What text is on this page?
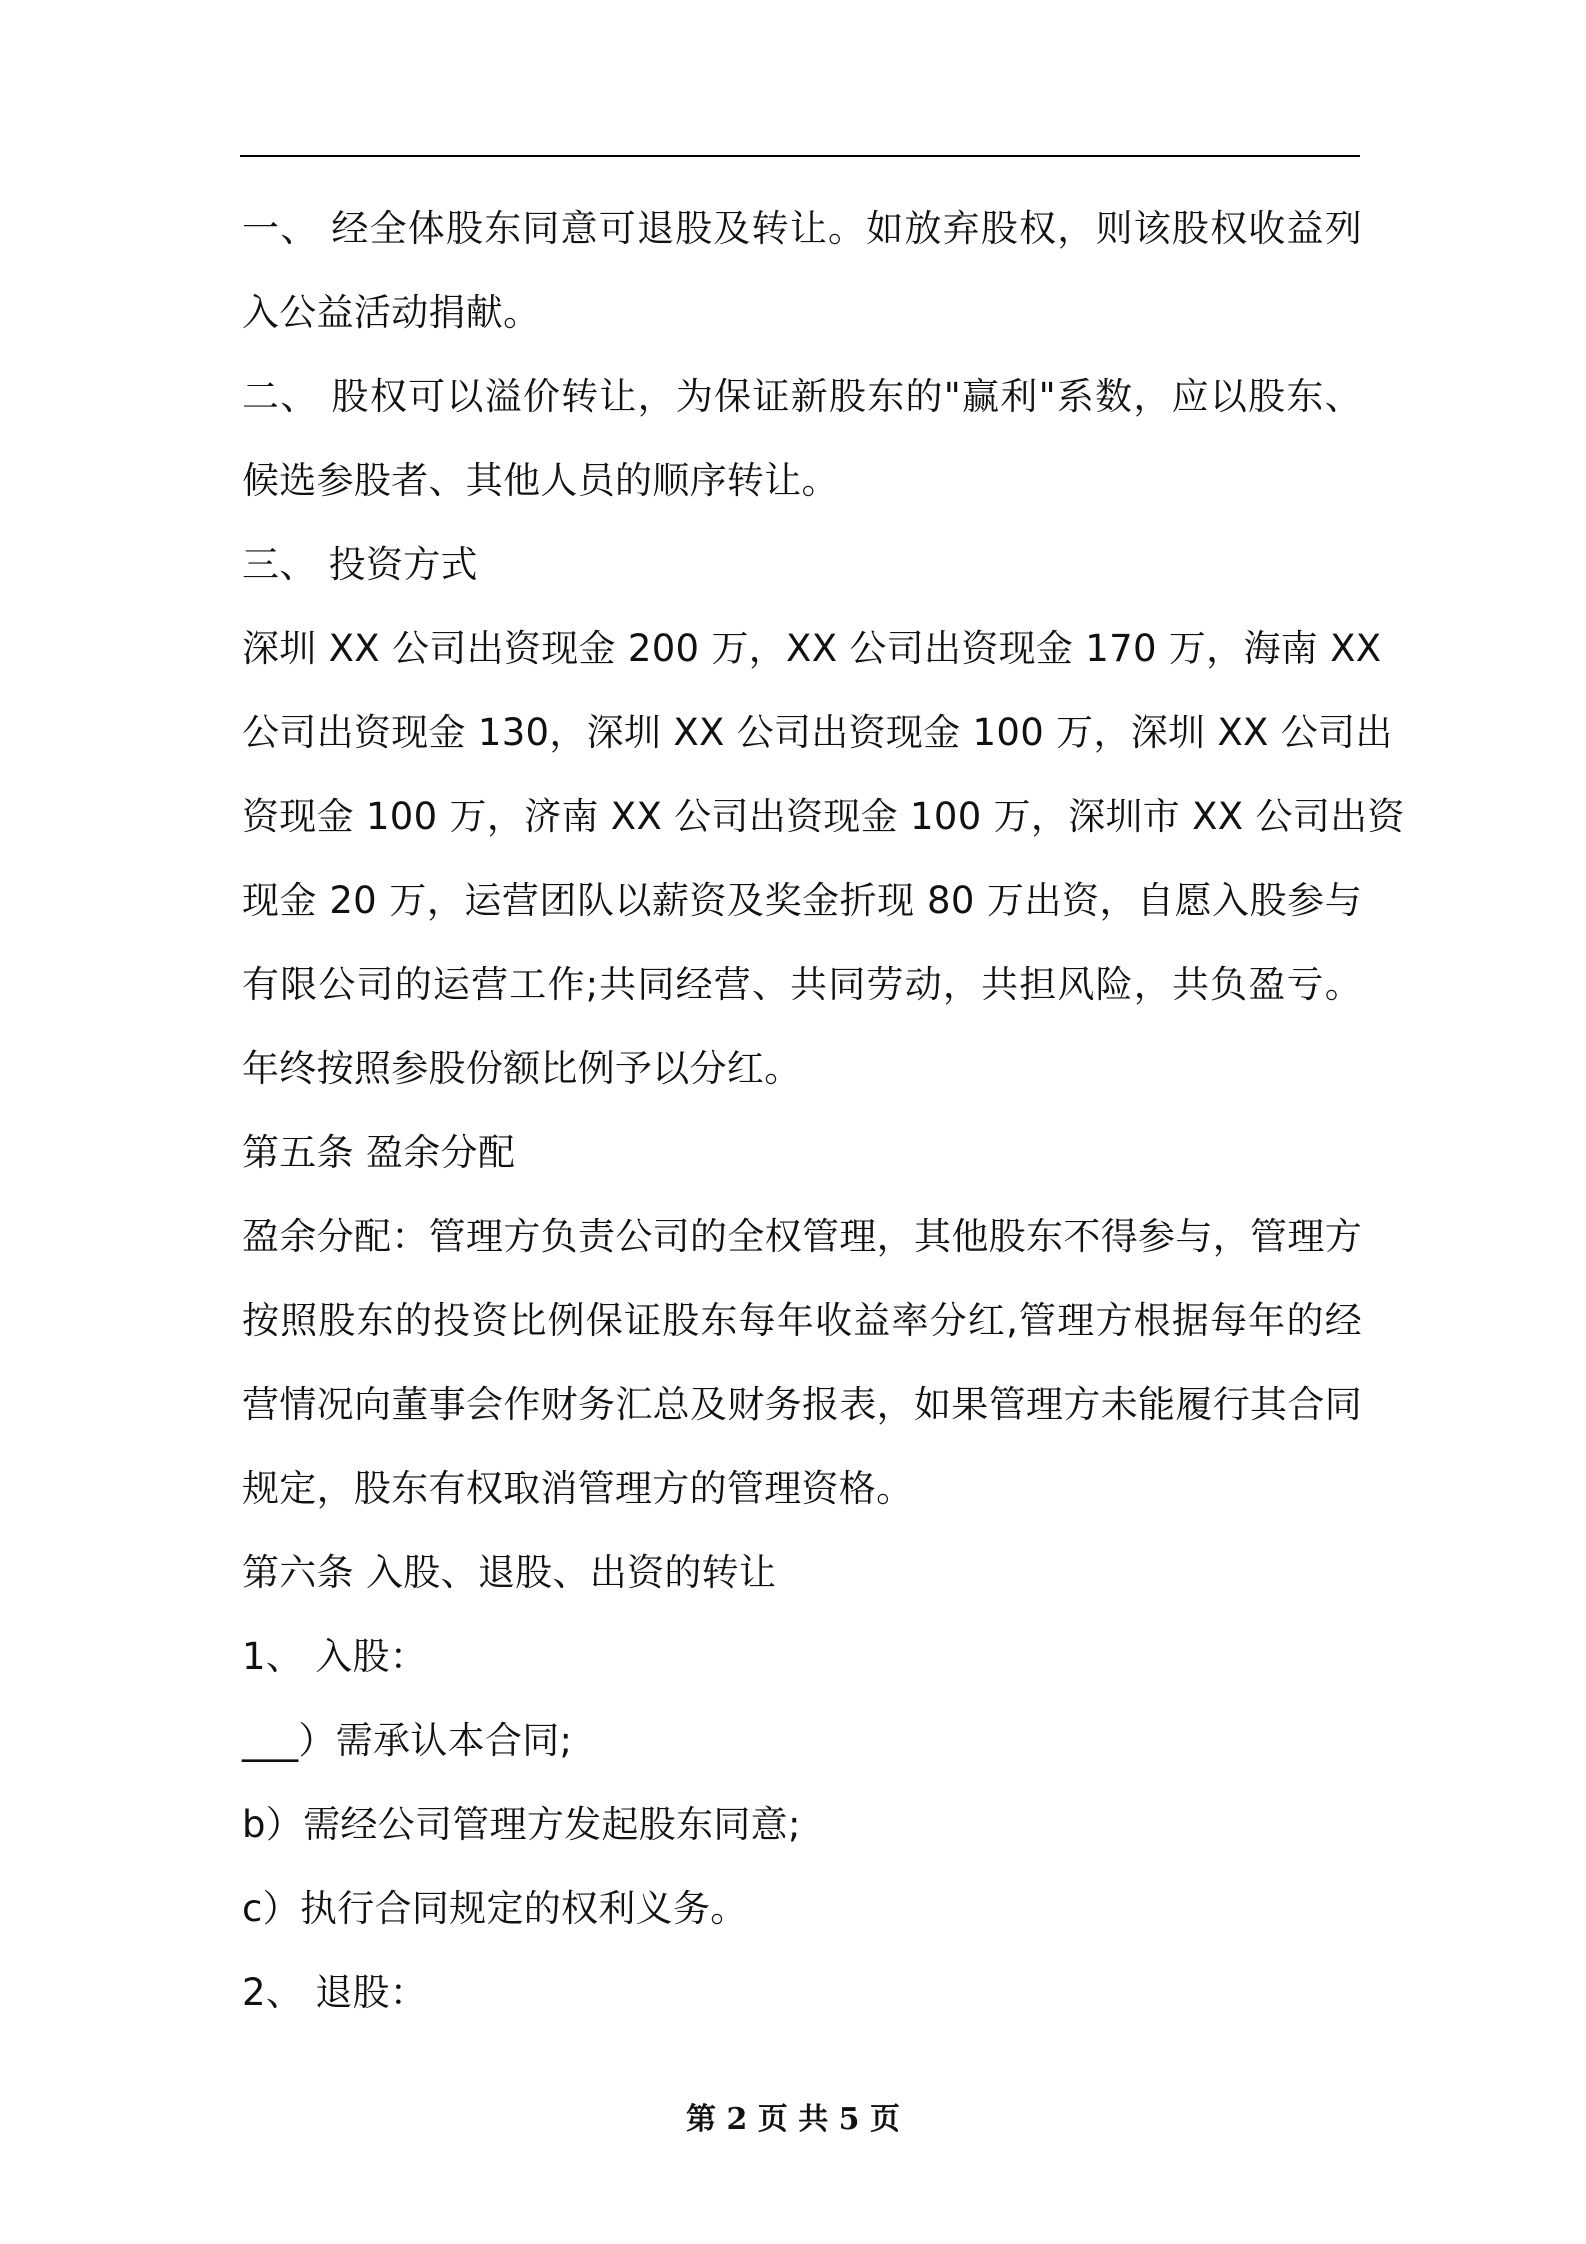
一、 经全体股东同意可退股及转让。如放弃股权，则该股权收益列
入公益活动捐献。
二、 股权可以溢价转让，为保证新股东的"赢利"系数，应以股东、
候选参股者、其他人员的顺序转让。
三、 投资方式
深圳 XX 公司出资现金 200 万，XX 公司出资现金 170 万，海南 XX
公司出资现金 130，深圳 XX 公司出资现金 100 万，深圳 XX 公司出
资现金 100 万，济南 XX 公司出资现金 100 万，深圳市 XX 公司出资
现金 20 万，运营团队以薪资及奖金折现 80 万出资，自愿入股参与
有限公司的运营工作;共同经营、共同劳动，共担风险，共负盈亏。
年终按照参股份额比例予以分红。
第五条 盈余分配
盈余分配：管理方负责公司的全权管理，其他股东不得参与，管理方
按照股东的投资比例保证股东每年收益率分红,管理方根据每年的经
营情况向董事会作财务汇总及财务报表，如果管理方未能履行其合同
规定，股东有权取消管理方的管理资格。
第六条 入股、退股、出资的转让
1、 入股：
___）需承认本合同;
b）需经公司管理方发起股东同意;
c）执行合同规定的权利义务。
2、 退股：
第 2 页 共 5 页
